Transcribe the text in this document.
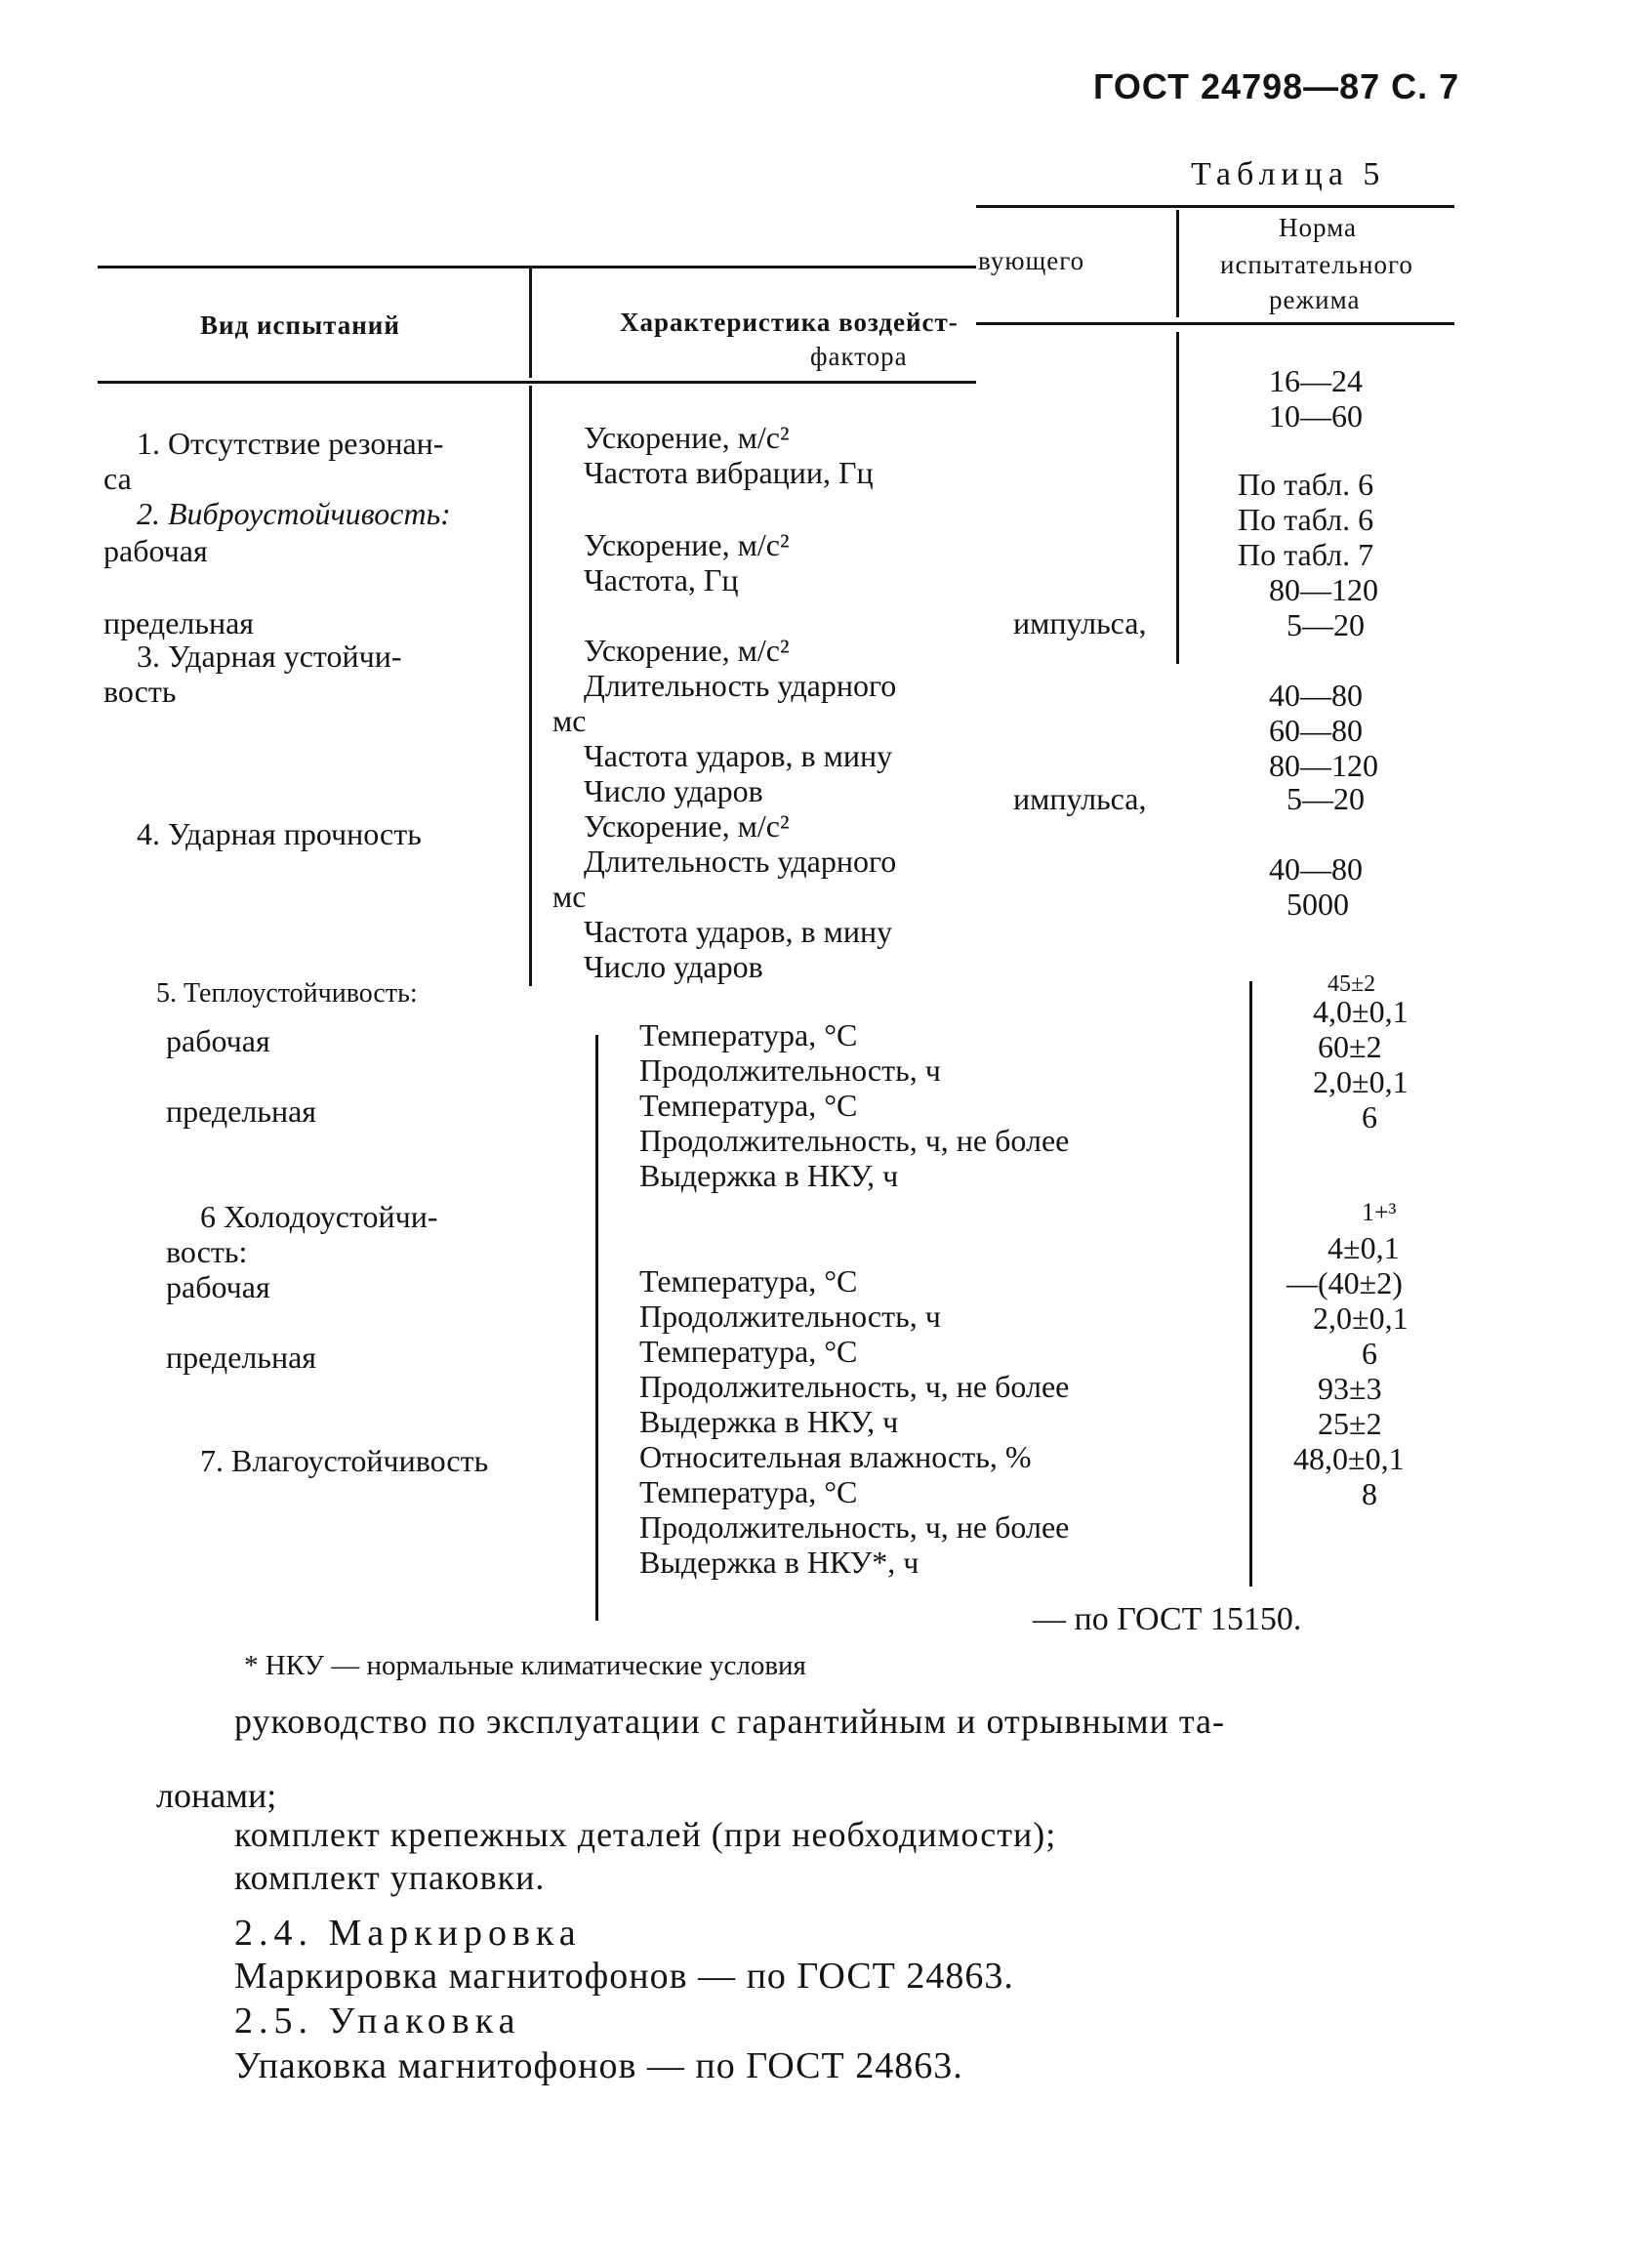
ГОСТ 24798—87 С. 7
Таблица 5
Вид испытаний	Характеристика воздейст-
вующего
фактора
Норма
испытательного
режима
1. Отсутствие резонан-
са
2. Виброустойчивость:
рабочая
предельная
3. Ударная устойчи-
вость
4. Ударная прочность
Ускорение, м/с²
Частота вибрации, Гц
Ускорение, м/с²
Частота, Гц
Ускорение, м/с²
Длительность ударного
мс
Частота ударов, в мину
Число ударов
Ускорение, м/с²
Длительность ударного
мс
Частота ударов, в мину
Число ударов
импульса,
импульса,
16—24
10—60
По табл. 6
По табл. 6
По табл. 7
80—120
5—20
40—80
60—80
80—120
5—20
40—80
5000
5. Теплоустойчивость:
рабочая
предельная
6 Холодоустойчи-
вость:
рабочая
предельная
7. Влагоустойчивость
Температура, °С
Продолжительность, ч
Температура, °С
Продолжительность, ч, не более
Выдержка в НКУ, ч
Температура, °С
Продолжительность, ч
Температура, °С
Продолжительность, ч, не более
Выдержка в НКУ, ч
Относительная влажность, %
Температура, °С
Продолжительность, ч, не более
Выдержка в НКУ*, ч
45±2
4,0±0,1
60±2
2,0±0,1
6
1+³
4±0,1
—(40±2)
2,0±0,1
6
93±3
25±2
48,0±0,1
8
* НКУ — нормальные климатические условия
— по ГОСТ 15150.
руководство по эксплуатации с гарантийным и отрывными та-
лонами;
комплект крепежных деталей (при необходимости);
комплект упаковки.
2.4. Маркировка
Маркировка магнитофонов — по ГОСТ 24863.
2.5. Упаковка
Упаковка магнитофонов — по ГОСТ 24863.
